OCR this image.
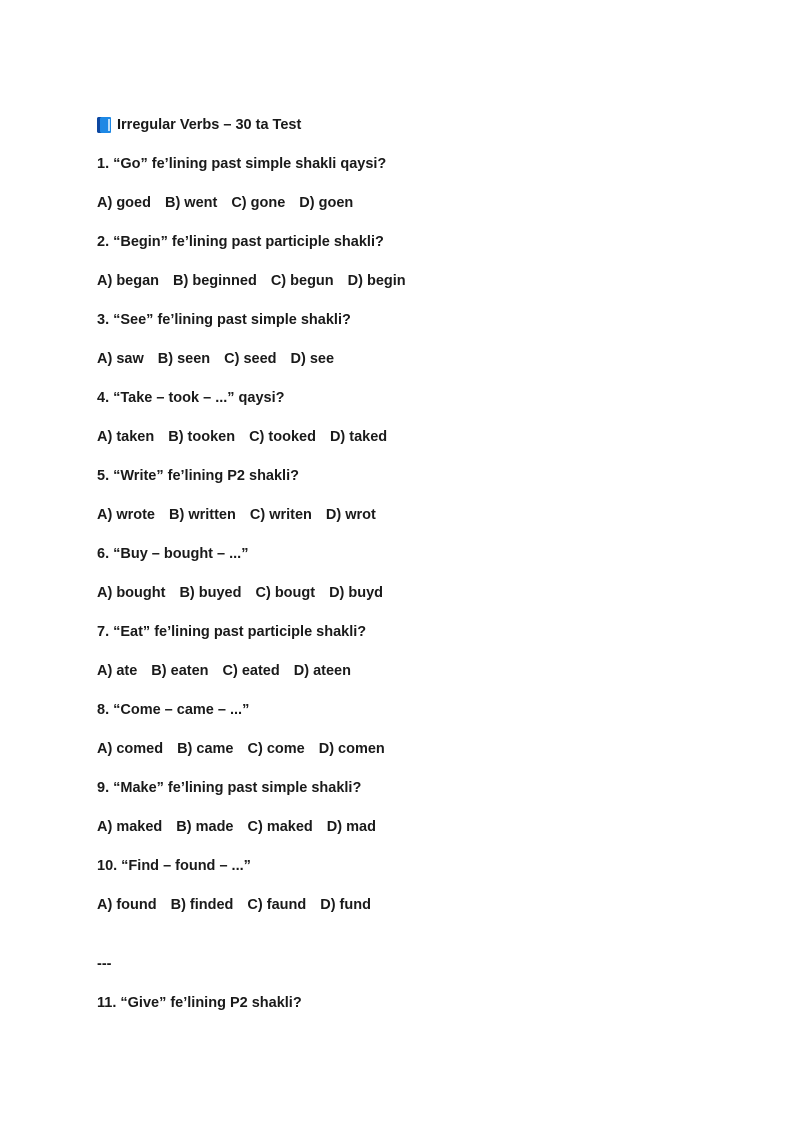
Irregular Verbs – 30 ta Test
1. “Go” fe’lining past simple shakli qaysi?
A) goed B) went C) gone D) goen
2. “Begin” fe’lining past participle shakli?
A) began B) beginned C) begun D) begin
3. “See” fe’lining past simple shakli?
A) saw B) seen C) seed D) see
4. “Take – took – ...” qaysi?
A) taken B) tooken C) tooked D) taked
5. “Write” fe’lining P2 shakli?
A) wrote B) written C) writen D) wrot
6. “Buy – bought – ...”
A) bought B) buyed C) bougt D) buyd
7. “Eat” fe’lining past participle shakli?
A) ate B) eaten C) eated D) ateen
8. “Come – came – ...”
A) comed B) came C) come D) comen
9. “Make” fe’lining past simple shakli?
A) maked B) made C) maked D) mad
10. “Find – found – ...”
A) found B) finded C) faund D) fund
---
11. “Give” fe’lining P2 shakli?
